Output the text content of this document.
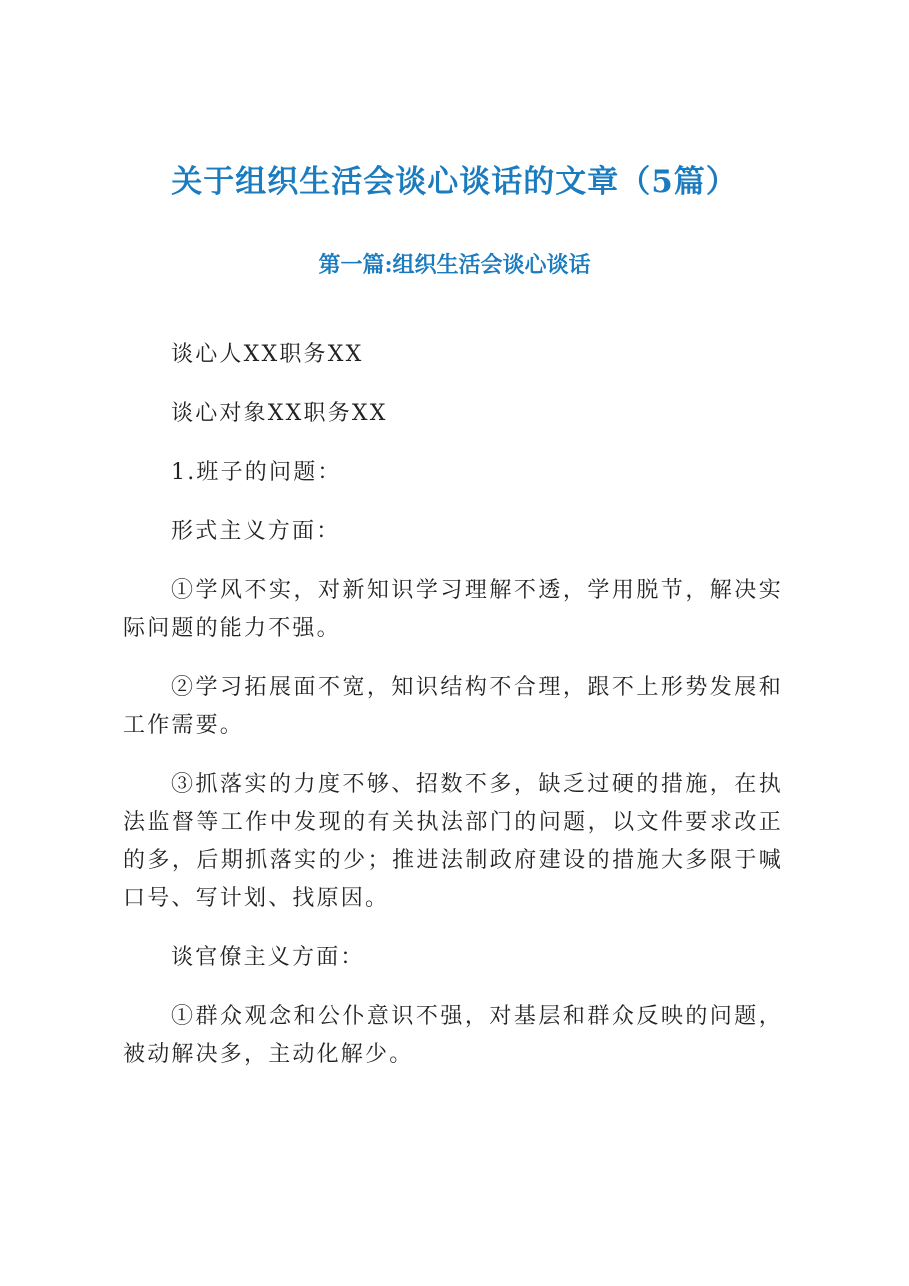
关于组织生活会谈心谈话的文章（5篇）
第一篇:组织生活会谈心谈话

谈心人XX职务XX

谈心对象XX职务XX

1.班子的问题：

形式主义方面：

①学风不实，对新知识学习理解不透，学用脱节，解决实际问题的能力不强。

②学习拓展面不宽，知识结构不合理，跟不上形势发展和工作需要。

③抓落实的力度不够、招数不多，缺乏过硬的措施，在执法监督等工作中发现的有关执法部门的问题，以文件要求改正的多，后期抓落实的少；推进法制政府建设的措施大多限于喊口号、写计划、找原因。

谈官僚主义方面：

①群众观念和公仆意识不强，对基层和群众反映的问题，被动解决多，主动化解少。
